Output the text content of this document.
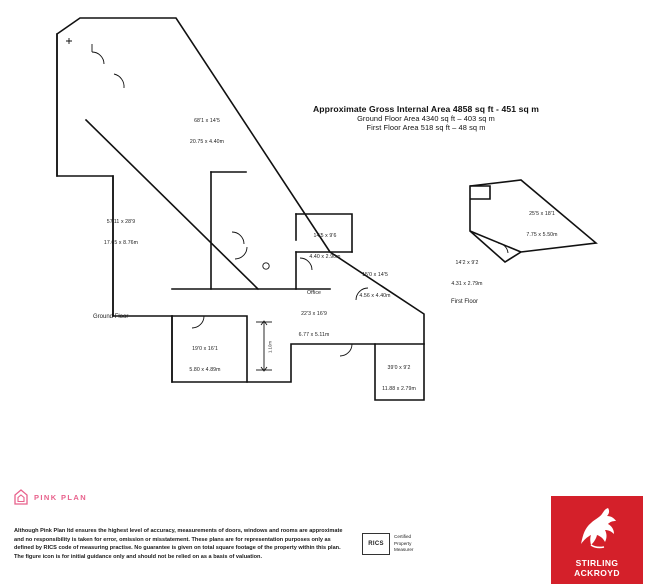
68'1 x 14'5

20.75 x 4.40m

57'11 x 28'9

17.65 x 8.76m

14'5 x 9'6

4.40 x 2.90m

15'0 x 14'5

4.56 x 4.40m

Office

22'3 x 16'9

6.77 x 5.11m

19'0 x 16'1

5.80 x 4.89m

	39'0 x 9'2

11.88 x 2.79m

25'5 x 18'1

7.75 x 5.50m

14'2 x 9'2

4.31 x 2.79m

1.10m

Approximate Gross Internal Area 4858 sq ft - 451 sq m
Ground Floor Area 4340 sq ft – 403 sq m
First Floor Area 518 sq ft – 48 sq m
Ground Floor
First Floor
PINK PLAN
Although Pink Plan ltd ensures the highest level of accuracy, measurements of doors, windows and rooms are approximate and no responsibility is taken for error, omission or misstatement. These plans are for representation purposes only as defined by RICS code of measuring practise. No guarantee is given on total square footage of the property within this plan. The figure icon is for initial guidance only and should not be relied on as a basis of valuation.
RICS
Certified
Property
Measurer
STIRLING
ACKROYD
